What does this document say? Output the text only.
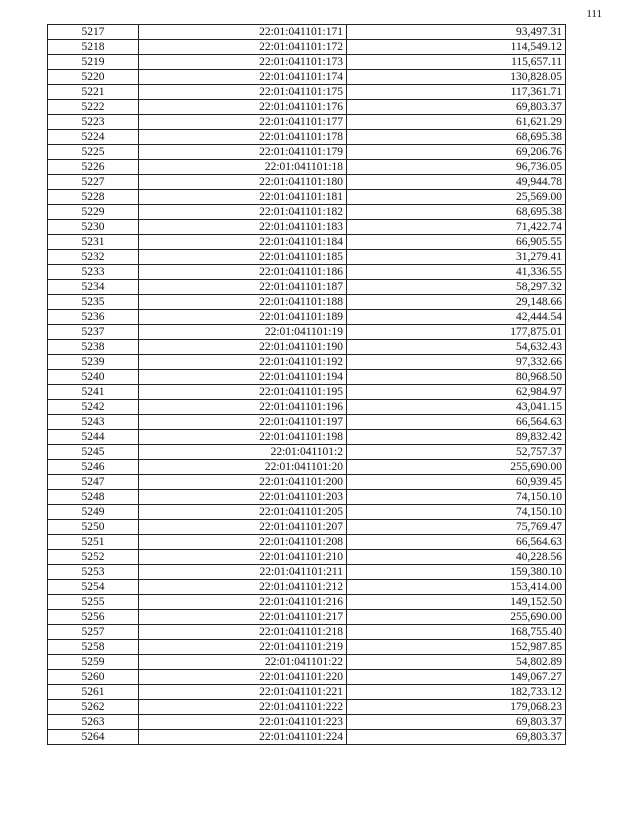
111
5217	22:01:041101:171	93,497.31
5218	22:01:041101:172	114,549.12
5219	22:01:041101:173	115,657.11
5220	22:01:041101:174	130,828.05
5221	22:01:041101:175	117,361.71
5222	22:01:041101:176	69,803.37
5223	22:01:041101:177	61,621.29
5224	22:01:041101:178	68,695.38
5225	22:01:041101:179	69,206.76
5226	22:01:041101:18	96,736.05
5227	22:01:041101:180	49,944.78
5228	22:01:041101:181	25,569.00
5229	22:01:041101:182	68,695.38
5230	22:01:041101:183	71,422.74
5231	22:01:041101:184	66,905.55
5232	22:01:041101:185	31,279.41
5233	22:01:041101:186	41,336.55
5234	22:01:041101:187	58,297.32
5235	22:01:041101:188	29,148.66
5236	22:01:041101:189	42,444.54
5237	22:01:041101:19	177,875.01
5238	22:01:041101:190	54,632.43
5239	22:01:041101:192	97,332.66
5240	22:01:041101:194	80,968.50
5241	22:01:041101:195	62,984.97
5242	22:01:041101:196	43,041.15
5243	22:01:041101:197	66,564.63
5244	22:01:041101:198	89,832.42
5245	22:01:041101:2	52,757.37
5246	22:01:041101:20	255,690.00
5247	22:01:041101:200	60,939.45
5248	22:01:041101:203	74,150.10
5249	22:01:041101:205	74,150.10
5250	22:01:041101:207	75,769.47
5251	22:01:041101:208	66,564.63
5252	22:01:041101:210	40,228.56
5253	22:01:041101:211	159,380.10
5254	22:01:041101:212	153,414.00
5255	22:01:041101:216	149,152.50
5256	22:01:041101:217	255,690.00
5257	22:01:041101:218	168,755.40
5258	22:01:041101:219	152,987.85
5259	22:01:041101:22	54,802.89
5260	22:01:041101:220	149,067.27
5261	22:01:041101:221	182,733.12
5262	22:01:041101:222	179,068.23
5263	22:01:041101:223	69,803.37
5264	22:01:041101:224	69,803.37
